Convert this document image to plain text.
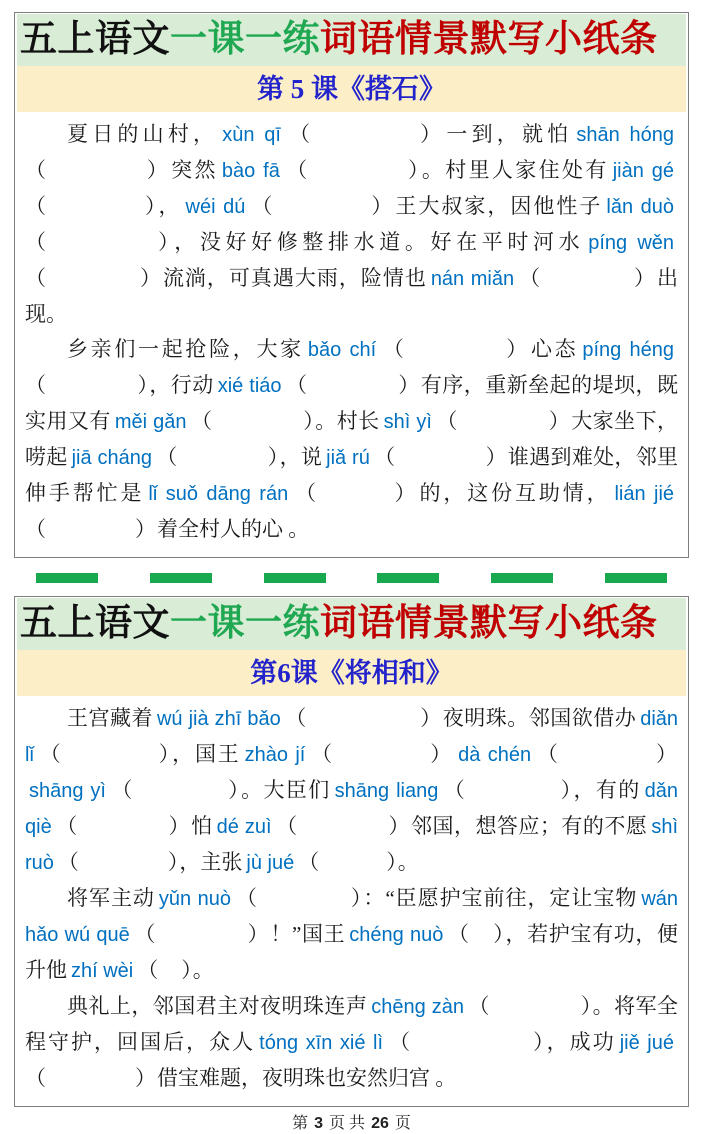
五上语文一课一练词语情景默写小纸条
第 5 课《搭石》

夏日的山村， xùn qī （　　　　）一到，就怕 shān hóng（　　　　）突然 bào fā （　　　　）。村里人家住处有 jiàn gé（　　　　）， wéi dú （　　　　）王大叔家，因他性子 lǎn duò（　　　　），没好好修整排水道。好在平时河水 píng wěn（　　　　）流淌，可真遇大雨，险情也 nán miǎn （　　　　）出现。

乡亲们一起抢险，大家 bǎo chí （　　　　）心态 píng héng（　　　　），行动 xié tiáo （　　　　）有序，重新垒起的堤坝，既实用又有 měi gǎn （　　　　）。村长 shì yì （　　　　）大家坐下，唠起 jiā cháng （　　　　），说 jiǎ rú （　　　　）谁遇到难处，邻里伸手帮忙是 lǐ suǒ dāng rán （　　　）的，这份互助情， lián jié（　　　　）着全村人的心 。

五上语文一课一练词语情景默写小纸条
第6课《将相和》

王宫藏着 wú jià zhī bǎo （　　　　　）夜明珠。邻国欲借办 diǎn lǐ （　　　　），国王 zhào jí （　　　　） dà chén （　　　　）shāng yì （　　　　）。大臣们 shāng liang （　　　　），有的 dǎn qiè （　　　　）怕 dé zuì （　　　　）邻国，想答应；有的不愿 shì ruò （　　　　），主张 jù jué （　　　）。

将军主动 yǔn nuò （　　　　）：“臣愿护宝前往，定让宝物 wán hǎo wú quē （　　　　）！”国王 chéng nuò （　），若护宝有功，便升他 zhí wèi （　）。

典礼上，邻国君主对夜明珠连声 chēng zàn （　　　　）。将军全程守护，回国后，众人 tóng xīn xié lì （　　　　　），成功 jiě jué（　　　　）借宝难题，夜明珠也安然归宫 。

第 3 页 共 26 页
